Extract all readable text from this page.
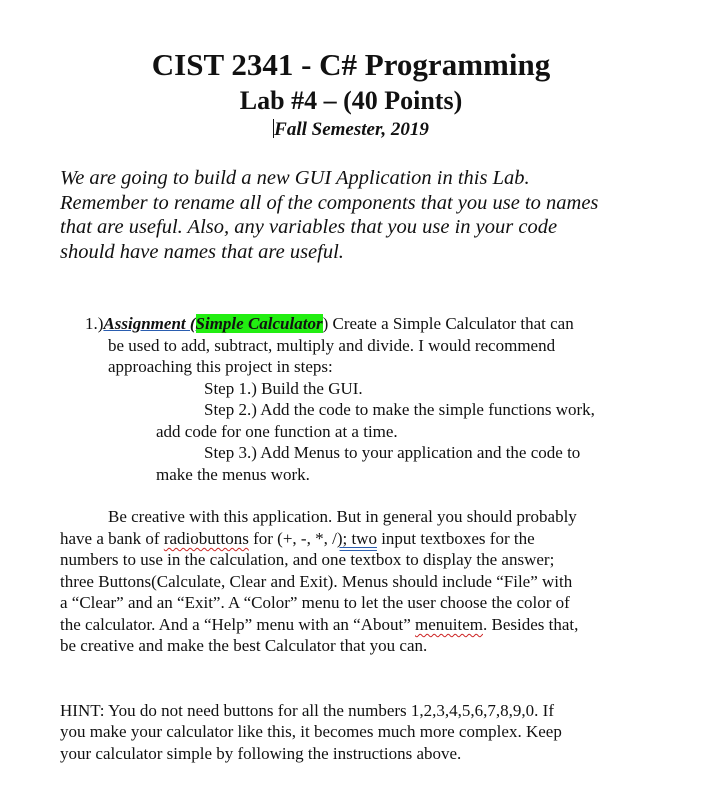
CIST 2341 - C# Programming
Lab #4 – (40 Points)
Fall Semester, 2019
We are going to build a new GUI Application in this Lab.
Remember to rename all of the components that you use to names
that are useful. Also, any variables that you use in your code
should have names that are useful.
1.)Assignment (Simple Calculator) Create a Simple Calculator that can
be used to add, subtract, multiply and divide. I would recommend
approaching this project in steps:
Step 1.) Build the GUI.
Step 2.) Add the code to make the simple functions work,
add code for one function at a time.
Step 3.) Add Menus to your application and the code to
make the menus work.
Be creative with this application. But in general you should probably
have a bank of radiobuttons for (+, -, *, /); two input textboxes for the
numbers to use in the calculation, and one textbox to display the answer;
three Buttons(Calculate, Clear and Exit). Menus should include “File” with
a “Clear” and an “Exit”. A “Color” menu to let the user choose the color of
the calculator. And a “Help” menu with an “About” menuitem. Besides that,
be creative and make the best Calculator that you can.
HINT: You do not need buttons for all the numbers 1,2,3,4,5,6,7,8,9,0. If
you make your calculator like this, it becomes much more complex. Keep
your calculator simple by following the instructions above.
